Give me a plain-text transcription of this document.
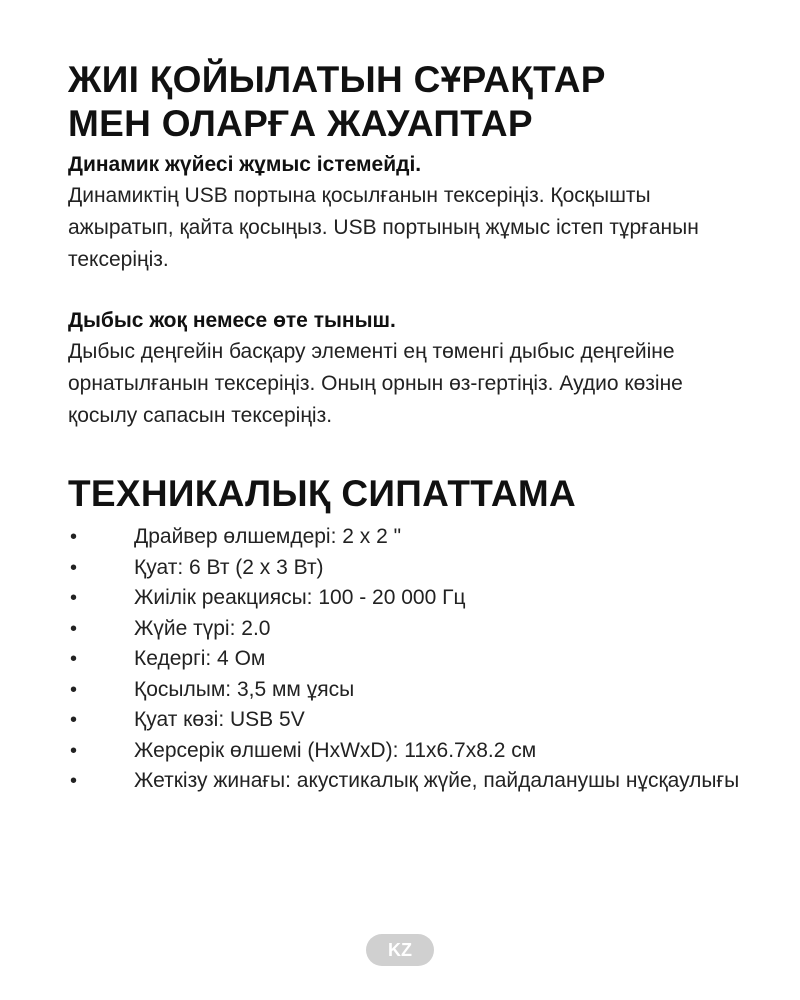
ЖИІ ҚОЙЫЛАТЫН СҰРАҚТАР
МЕН ОЛАРҒА ЖАУАПТАР
Динамик жүйесі жұмыс істемейді.
Динамиктің USB портына қосылғанын тексеріңіз. Қосқышты ажыратып, қайта қосыңыз. USB портының жұмыс істеп тұрғанын тексеріңіз.
Дыбыс жоқ немесе өте тыныш.
Дыбыс деңгейін басқару элементі ең төменгі дыбыс деңгейіне орнатылғанын тексеріңіз. Оның орнын өз-гертіңіз. Аудио көзіне қосылу сапасын тексеріңіз.
ТЕХНИКАЛЫҚ СИПАТТАМА
•	Драйвер өлшемдері: 2 x 2 "
•	Қуат: 6 Вт (2 x 3 Вт)
•	Жиілік реакциясы: 100 - 20 000 Гц
•	Жүйе түрі: 2.0
•	Кедергі: 4 Ом
•	Қосылым: 3,5 мм ұясы
•	Қуат көзі: USB 5V
•	Жерсерік өлшемі (HxWxD): 11x6.7x8.2 см
•	Жеткізу жинағы: акустикалық жүйе, пайдаланушы нұсқаулығы
KZ
